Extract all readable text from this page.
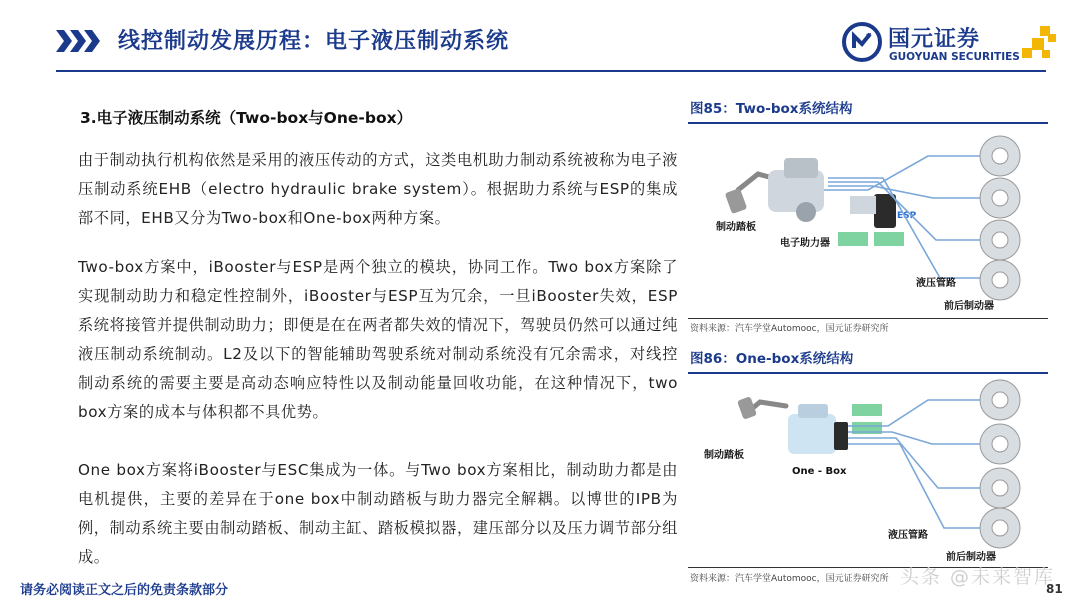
线控制动发展历程：电子液压制动系统	国元证券
GUOYUAN SECURITIES
3.电子液压制动系统（Two-box与One-box）
由于制动执行机构依然是采用的液压传动的方式，这类电机助力制动系统被称为电子液压制动系统EHB（electro hydraulic brake system）。根据助力系统与ESP的集成部不同，EHB又分为Two-box和One-box两种方案。
Two-box方案中，iBooster与ESP是两个独立的模块，协同工作。Two box方案除了实现制动助力和稳定性控制外，iBooster与ESP互为冗余，一旦iBooster失效，ESP系统将接管并提供制动助力；即便是在在两者都失效的情况下，驾驶员仍然可以通过纯液压制动系统制动。L2及以下的智能辅助驾驶系统对制动系统没有冗余需求，对线控制动系统的需要主要是高动态响应特性以及制动能量回收功能，在这种情况下，two box方案的成本与体积都不具优势。
One box方案将iBooster与ESC集成为一体。与Two box方案相比，制动助力都是由电机提供，主要的差异在于one box中制动踏板与助力器完全解耦。以博世的IPB为例，制动系统主要由制动踏板、制动主缸、踏板模拟器，建压部分以及压力调节部分组成。
图85：Two-box系统结构
ESP
制动踏板
电子助力器
液压管路
前后制动器
资料来源：汽车学堂Automooc，国元证券研究所
图86：One-box系统结构
制动踏板
One - Box
液压管路
前后制动器
资料来源：汽车学堂Automooc，国元证券研究所
请务必阅读正文之后的免责条款部分
头条 @未来智库
81
